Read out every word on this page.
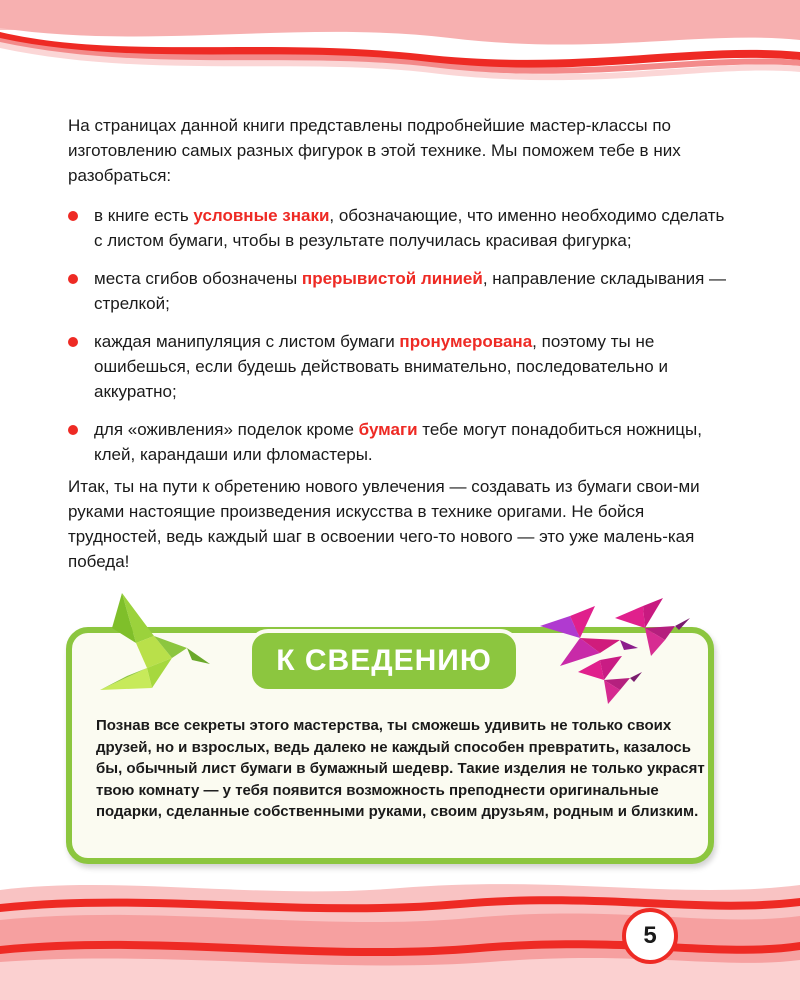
На страницах данной книги представлены подробнейшие мастер-классы по изготовлению самых разных фигурок в этой технике. Мы поможем тебе в них разобраться:

в книге есть условные знаки, обозначающие, что именно необходимо сделать с листом бумаги, чтобы в результате получилась красивая фигурка;
места сгибов обозначены прерывистой линией, направление складывания — стрелкой;
каждая манипуляция с листом бумаги пронумерована, поэтому ты не ошибешься, если будешь действовать внимательно, последовательно и аккуратно;
для «оживления» поделок кроме бумаги тебе могут понадобиться ножницы, клей, карандаши или фломастеры.

Итак, ты на пути к обретению нового увлечения — создавать из бумаги свои-ми руками настоящие произведения искусства в технике оригами. Не бойся трудностей, ведь каждый шаг в освоении чего-то нового — это уже малень-кая победа!

К СВЕДЕНИЮ

Познав все секреты этого мастерства, ты сможешь удивить не только своих друзей, но и взрослых, ведь далеко не каждый способен превратить, казалось бы, обычный лист бумаги в бумажный шедевр. Такие изделия не только украсят твою комнату — у тебя появится возможность преподнести оригинальные подарки, сделанные собственными руками, своим друзьям, родным и близким.

5
